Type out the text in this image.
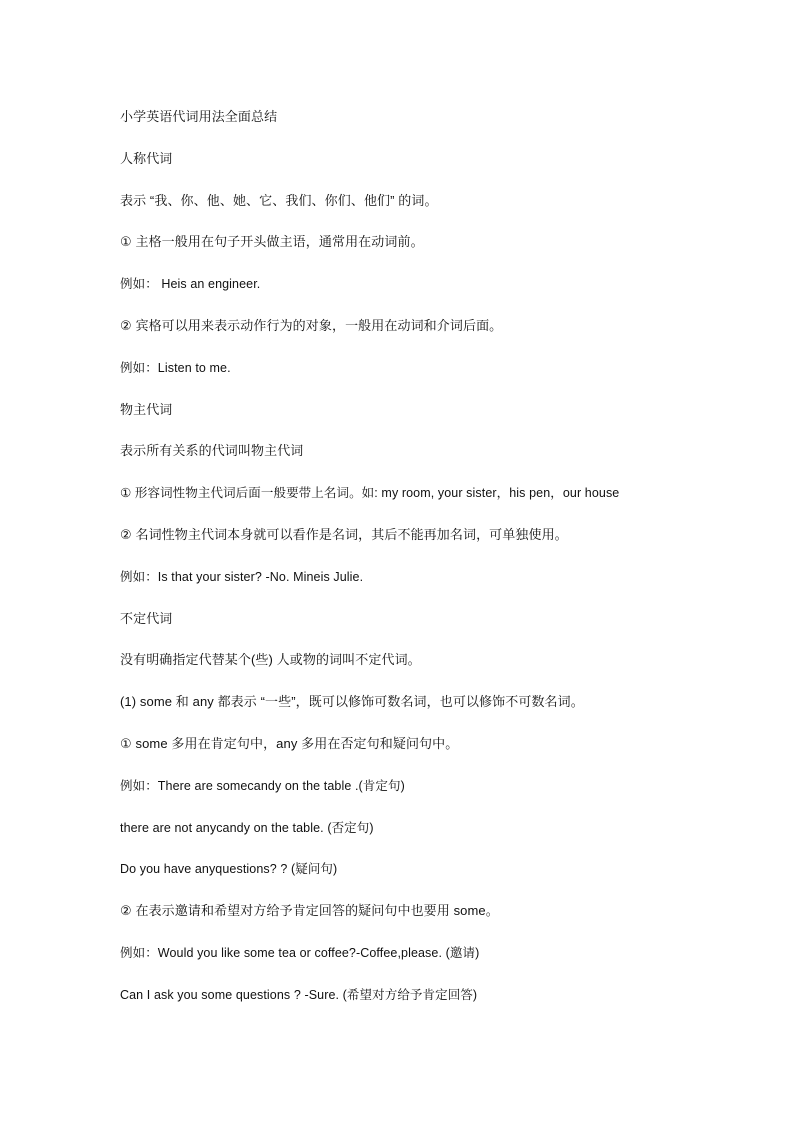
小学英语代词用法全面总结
人称代词
表示 “我、你、他、她、它、我们、你们、他们” 的词。
① 主格一般用在句子开头做主语，通常用在动词前。
例如： Heis an engineer.
② 宾格可以用来表示动作行为的对象，一般用在动词和介词后面。
例如：Listen to me.
物主代词
表示所有关系的代词叫物主代词
① 形容词性物主代词后面一般要带上名词。如: my room, your sister，his pen，our house
② 名词性物主代词本身就可以看作是名词，其后不能再加名词，可单独使用。
例如：Is that your sister? -No. Mineis Julie.
不定代词
没有明确指定代替某个(些) 人或物的词叫不定代词。
(1) some 和 any 都表示 “一些”，既可以修饰可数名词，也可以修饰不可数名词。
① some 多用在肯定句中，any 多用在否定句和疑问句中。
例如：There are somecandy on the table .(肯定句)
there are not anycandy on the table. (否定句)
Do you have anyquestions? ? (疑问句)
② 在表示邀请和希望对方给予肯定回答的疑问句中也要用 some。
例如：Would you like some tea or coffee?-Coffee,please. (邀请)
Can I ask you some questions ? -Sure. (希望对方给予肯定回答)
